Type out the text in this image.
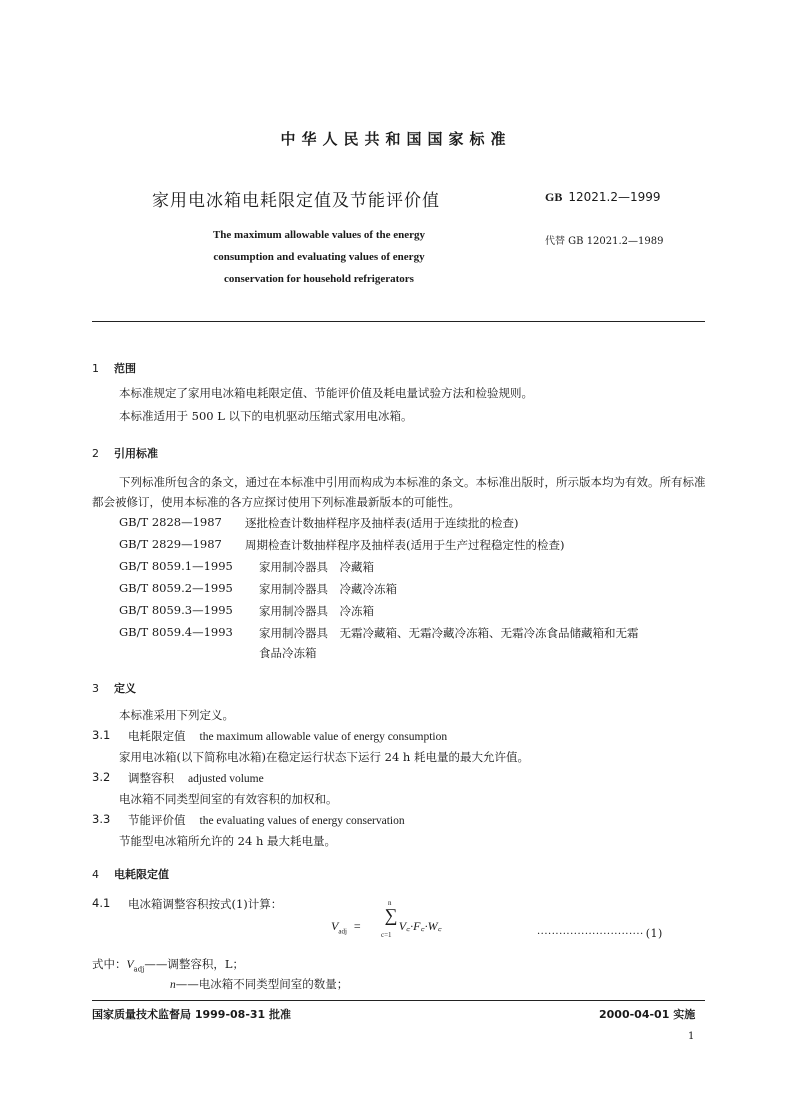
中华人民共和国国家标准
家用电冰箱电耗限定值及节能评价值	GB 12021.2—1999
The maximum allowable values of the energy
consumption and evaluating values of energy
conservation for household refrigerators
代替 GB 12021.2—1989
1 范围
本标准规定了家用电冰箱电耗限定值、节能评价值及耗电量试验方法和检验规则。
本标准适用于 500 L 以下的电机驱动压缩式家用电冰箱。
2 引用标准
下列标准所包含的条文，通过在本标准中引用而构成为本标准的条文。本标准出版时，所示版本均为有效。所有标准都会被修订，使用本标准的各方应探讨使用下列标准最新版本的可能性。
GB/T 2828—1987 逐批检查计数抽样程序及抽样表(适用于连续批的检查)
GB/T 2829—1987 周期检查计数抽样程序及抽样表(适用于生产过程稳定性的检查)
GB/T 8059.1—1995 家用制冷器具　冷藏箱
GB/T 8059.2—1995 家用制冷器具　冷藏冷冻箱
GB/T 8059.3—1995 家用制冷器具　冷冻箱
GB/T 8059.4—1993 家用制冷器具　无霜冷藏箱、无霜冷藏冷冻箱、无霜冷冻食品储藏箱和无霜
食品冷冻箱
3 定义
本标准采用下列定义。
3.1 电耗限定值 the maximum allowable value of energy consumption
家用电冰箱(以下简称电冰箱)在稳定运行状态下运行 24 h 耗电量的最大允许值。
3.2 调整容积 adjusted volume
电冰箱不同类型间室的有效容积的加权和。
3.3 节能评价值 the evaluating values of energy conservation
节能型电冰箱所允许的 24 h 最大耗电量。
4 电耗限定值
4.1 电冰箱调整容积按式(1)计算：
$V_{adj}$ =
∑
n
c=1
V꜀·F꜀·W꜀
····························· (1)
式中：$V_{adj}——$调整容积，L；
n——电冰箱不同类型间室的数量；
国家质量技术监督局 1999-08-31 批准	2000-04-01 实施
1
